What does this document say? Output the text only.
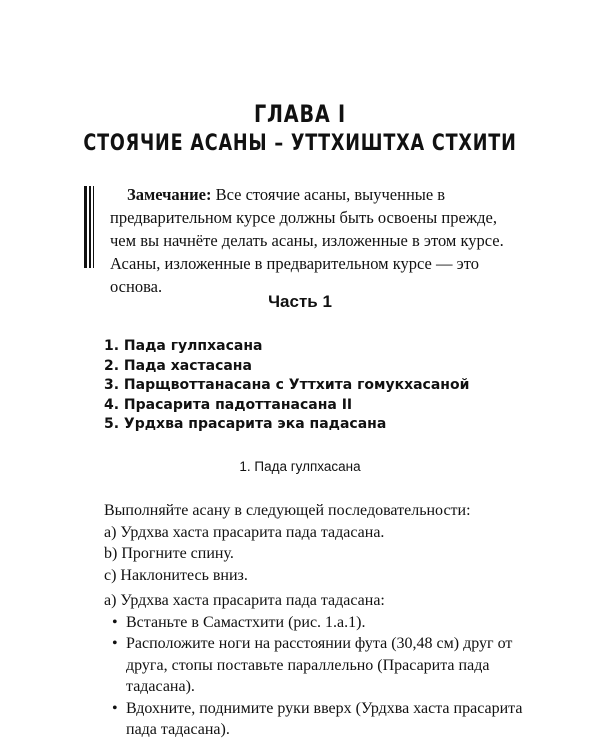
ГЛАВА I
СТОЯЧИЕ АСАНЫ – УТТХИШТХА СТХИТИ

Замечание: Все стоячие асаны, выученные в предварительном курсе должны быть освоены прежде, чем вы начнёте делать асаны, изложенные в этом курсе. Асаны, изложенные в предварительном курсе — это основа.

Часть 1
1. Пада гулпхасана
2. Пада хастасана
3. Парщвоттанасана с Уттхита гомукхасаной
4. Прасарита падоттанасана II
5. Урдхва прасарита эка падасана
1. Пада гулпхасана

Выполняйте асану в следующей последовательности:

а) Урдхва хаста прасарита пада тадасана.

b) Прогните спину.

с) Наклонитесь вниз.

а) Урдхва хаста прасарита пада тадасана:

• Встаньте в Самастхити (рис. 1.а.1).
• Расположите ноги на расстоянии фута (30,48 см) друг от друга, стопы поставьте параллельно (Прасарита пада тадасана).
• Вдохните, поднимите руки вверх (Урдхва хаста прасарита пада тадасана).
